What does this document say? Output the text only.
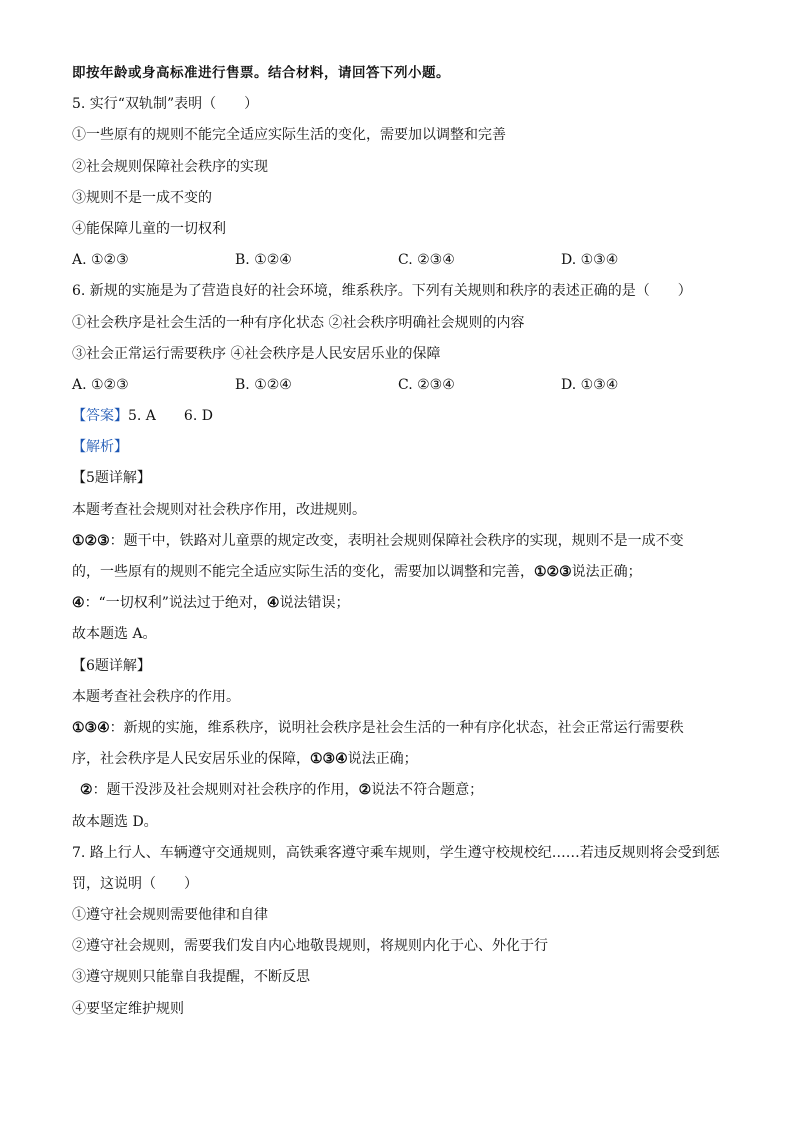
即按年龄或身高标准进行售票。结合材料，请回答下列小题。
5. 实行“双轨制”表明（　　）
①一些原有的规则不能完全适应实际生活的变化，需要加以调整和完善
②社会规则保障社会秩序的实现
③规则不是一成不变的
④能保障儿童的一切权利
A. ①②③	B. ①②④	C. ②③④	D. ①③④
6. 新规的实施是为了营造良好的社会环境，维系秩序。下列有关规则和秩序的表述正确的是（　　）
①社会秩序是社会生活的一种有序化状态 ②社会秩序明确社会规则的内容
③社会正常运行需要秩序 ④社会秩序是人民安居乐业的保障
A. ①②③	B. ①②④	C. ②③④	D. ①③④
【答案】5. A　　6. D
【解析】
【5题详解】
本题考查社会规则对社会秩序作用，改进规则。
①②③：题干中，铁路对儿童票的规定改变，表明社会规则保障社会秩序的实现，规则不是一成不变
的，一些原有的规则不能完全适应实际生活的变化，需要加以调整和完善，①②③说法正确；
④：“一切权利”说法过于绝对，④说法错误；
故本题选 A。
【6题详解】
本题考查社会秩序的作用。
①③④：新规的实施，维系秩序，说明社会秩序是社会生活的一种有序化状态，社会正常运行需要秩
序，社会秩序是人民安居乐业的保障，①③④说法正确；
②：题干没涉及社会规则对社会秩序的作用，②说法不符合题意；
故本题选 D。
7. 路上行人、车辆遵守交通规则，高铁乘客遵守乘车规则，学生遵守校规校纪……若违反规则将会受到惩
罚，这说明（　　）
①遵守社会规则需要他律和自律
②遵守社会规则，需要我们发自内心地敬畏规则，将规则内化于心、外化于行
③遵守规则只能靠自我提醒，不断反思
④要坚定维护规则
